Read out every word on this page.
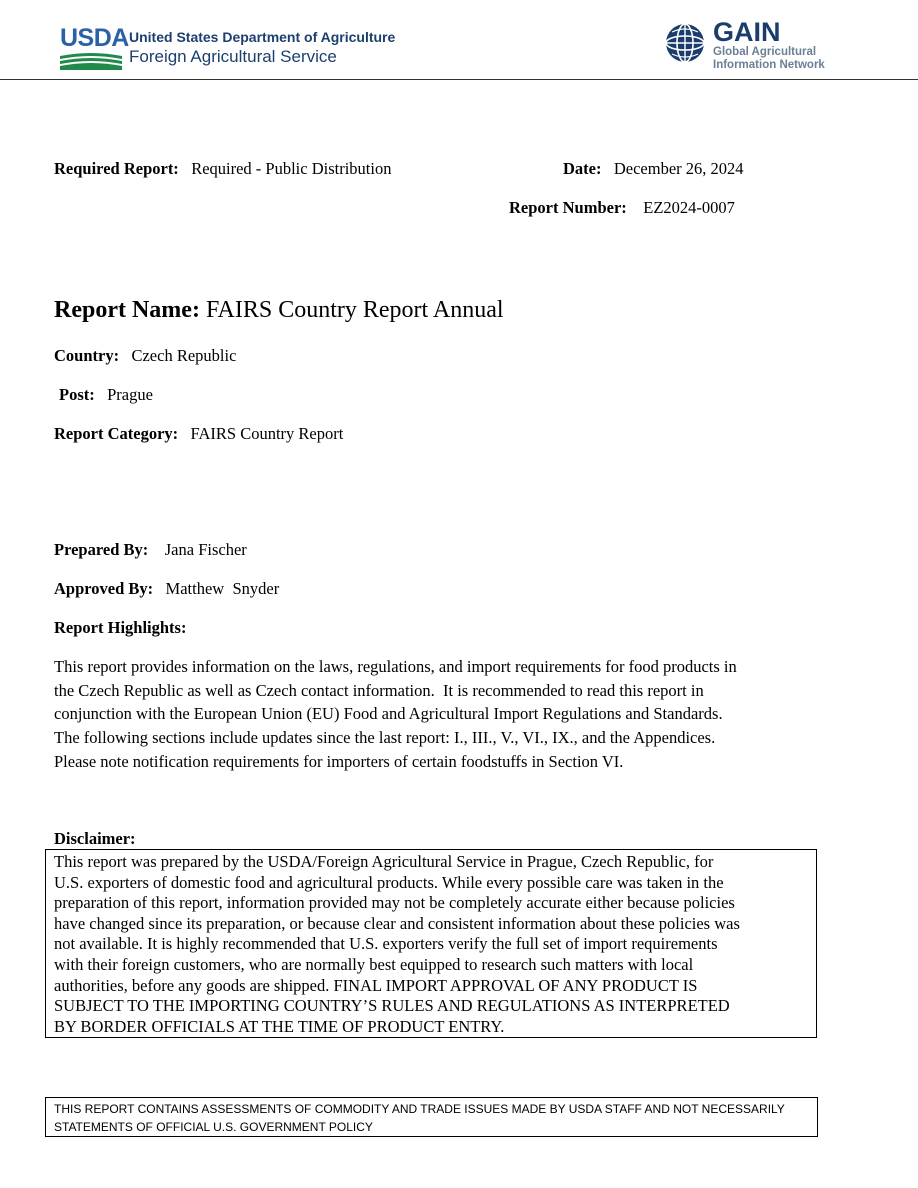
USDA United States Department of Agriculture
Foreign Agricultural Service
GAIN
Global Agricultural
Information Network
Required Report: Required - Public Distribution	Date: December 26, 2024
Report Number: EZ2024-0007
Report Name: FAIRS Country Report Annual
Country: Czech Republic
Post: Prague
Report Category: FAIRS Country Report
Prepared By: Jana Fischer
Approved By: Matthew  Snyder
Report Highlights:
This report provides information on the laws, regulations, and import requirements for food products in
the Czech Republic as well as Czech contact information.  It is recommended to read this report in
conjunction with the European Union (EU) Food and Agricultural Import Regulations and Standards.
The following sections include updates since the last report: I., III., V., VI., IX., and the Appendices.
Please note notification requirements for importers of certain foodstuffs in Section VI.
Disclaimer:
This report was prepared by the USDA/Foreign Agricultural Service in Prague, Czech Republic, for
U.S. exporters of domestic food and agricultural products. While every possible care was taken in the
preparation of this report, information provided may not be completely accurate either because policies
have changed since its preparation, or because clear and consistent information about these policies was
not available. It is highly recommended that U.S. exporters verify the full set of import requirements
with their foreign customers, who are normally best equipped to research such matters with local
authorities, before any goods are shipped. FINAL IMPORT APPROVAL OF ANY PRODUCT IS
SUBJECT TO THE IMPORTING COUNTRY’S RULES AND REGULATIONS AS INTERPRETED
BY BORDER OFFICIALS AT THE TIME OF PRODUCT ENTRY.
THIS REPORT CONTAINS ASSESSMENTS OF COMMODITY AND TRADE ISSUES MADE BY USDA STAFF AND NOT NECESSARILY
STATEMENTS OF OFFICIAL U.S. GOVERNMENT POLICY
